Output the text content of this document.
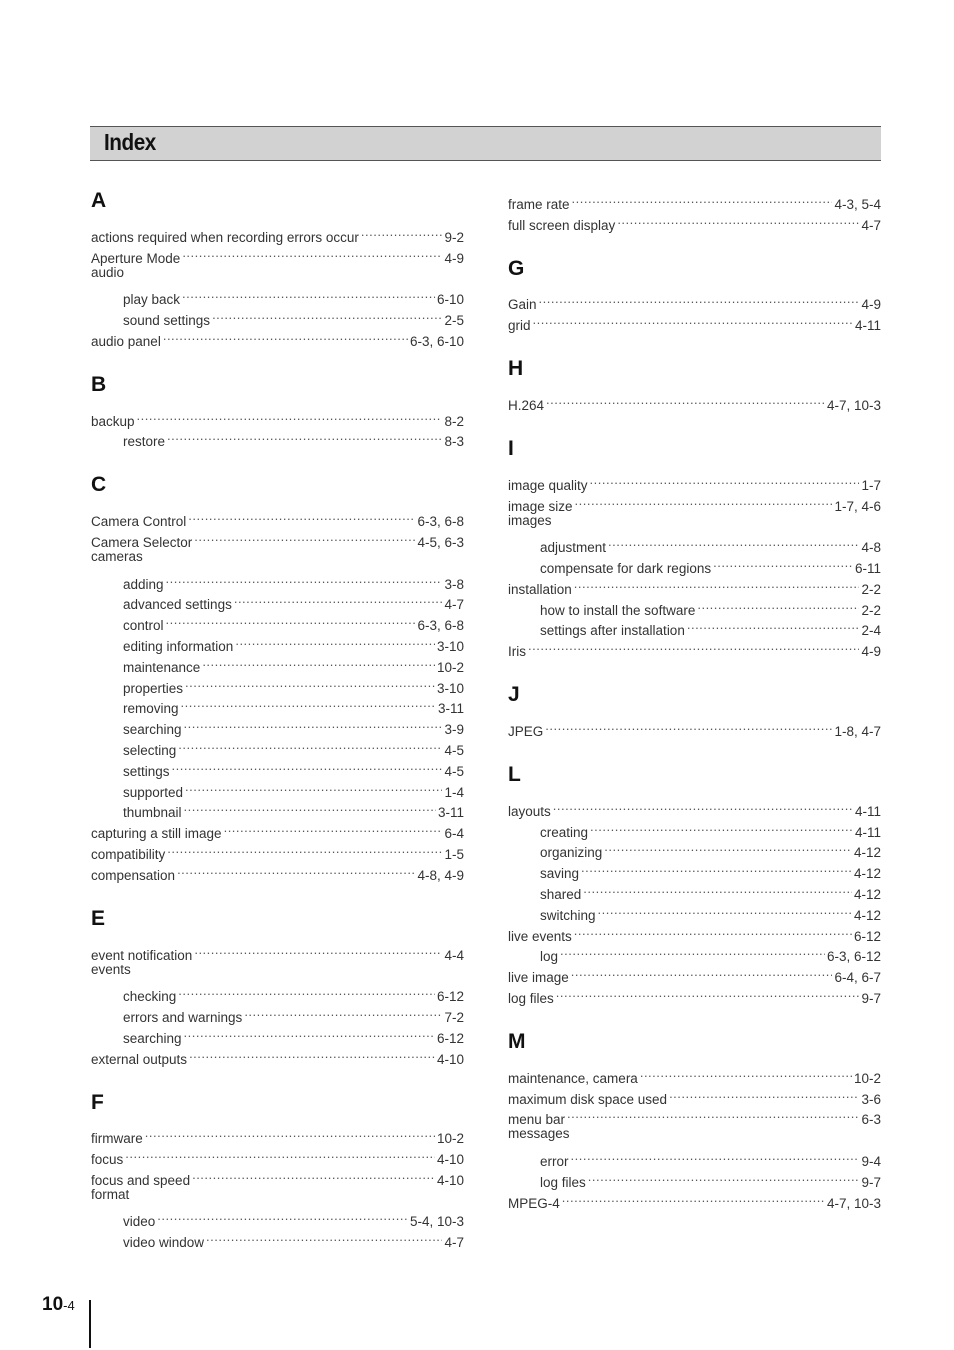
Index
A
actions required when recording errors occur .....	9-2
Aperture Mode .....	4-9
audio
play back .....	6-10
sound settings .....	2-5
audio panel .....	6-3, 6-10
B
backup .....	8-2
restore .....	8-3
C
Camera Control .....	6-3, 6-8
Camera Selector .....	4-5, 6-3
cameras
adding .....	3-8
advanced settings .....	4-7
control .....	6-3, 6-8
editing information .....	3-10
maintenance .....	10-2
properties .....	3-10
removing .....	3-11
searching .....	3-9
selecting .....	4-5
settings .....	4-5
supported .....	1-4
thumbnail .....	3-11
capturing a still image .....	6-4
compatibility .....	1-5
compensation .....	4-8, 4-9
E
event notification .....	4-4
events
checking .....	6-12
errors and warnings .....	7-2
searching .....	6-12
external outputs .....	4-10
F
firmware .....	10-2
focus .....	4-10
focus and speed .....	4-10
format
video .....	5-4, 10-3
video window .....	4-7
frame rate .....	4-3, 5-4
full screen display .....	4-7
G
Gain .....	4-9
grid .....	4-11
H
H.264 .....	4-7, 10-3
I
image quality .....	1-7
image size .....	1-7, 4-6
images
adjustment .....	4-8
compensate for dark regions .....	6-11
installation .....	2-2
how to install the software .....	2-2
settings after installation .....	2-4
Iris .....	4-9
J
JPEG .....	1-8, 4-7
L
layouts .....	4-11
creating .....	4-11
organizing .....	4-12
saving .....	4-12
shared .....	4-12
switching .....	4-12
live events .....	6-12
log .....	6-3, 6-12
live image .....	6-4, 6-7
log files .....	9-7
M
maintenance, camera .....	10-2
maximum disk space used .....	3-6
menu bar .....	6-3
messages
error .....	9-4
log files .....	9-7
MPEG-4 .....	4-7, 10-3
10-4
